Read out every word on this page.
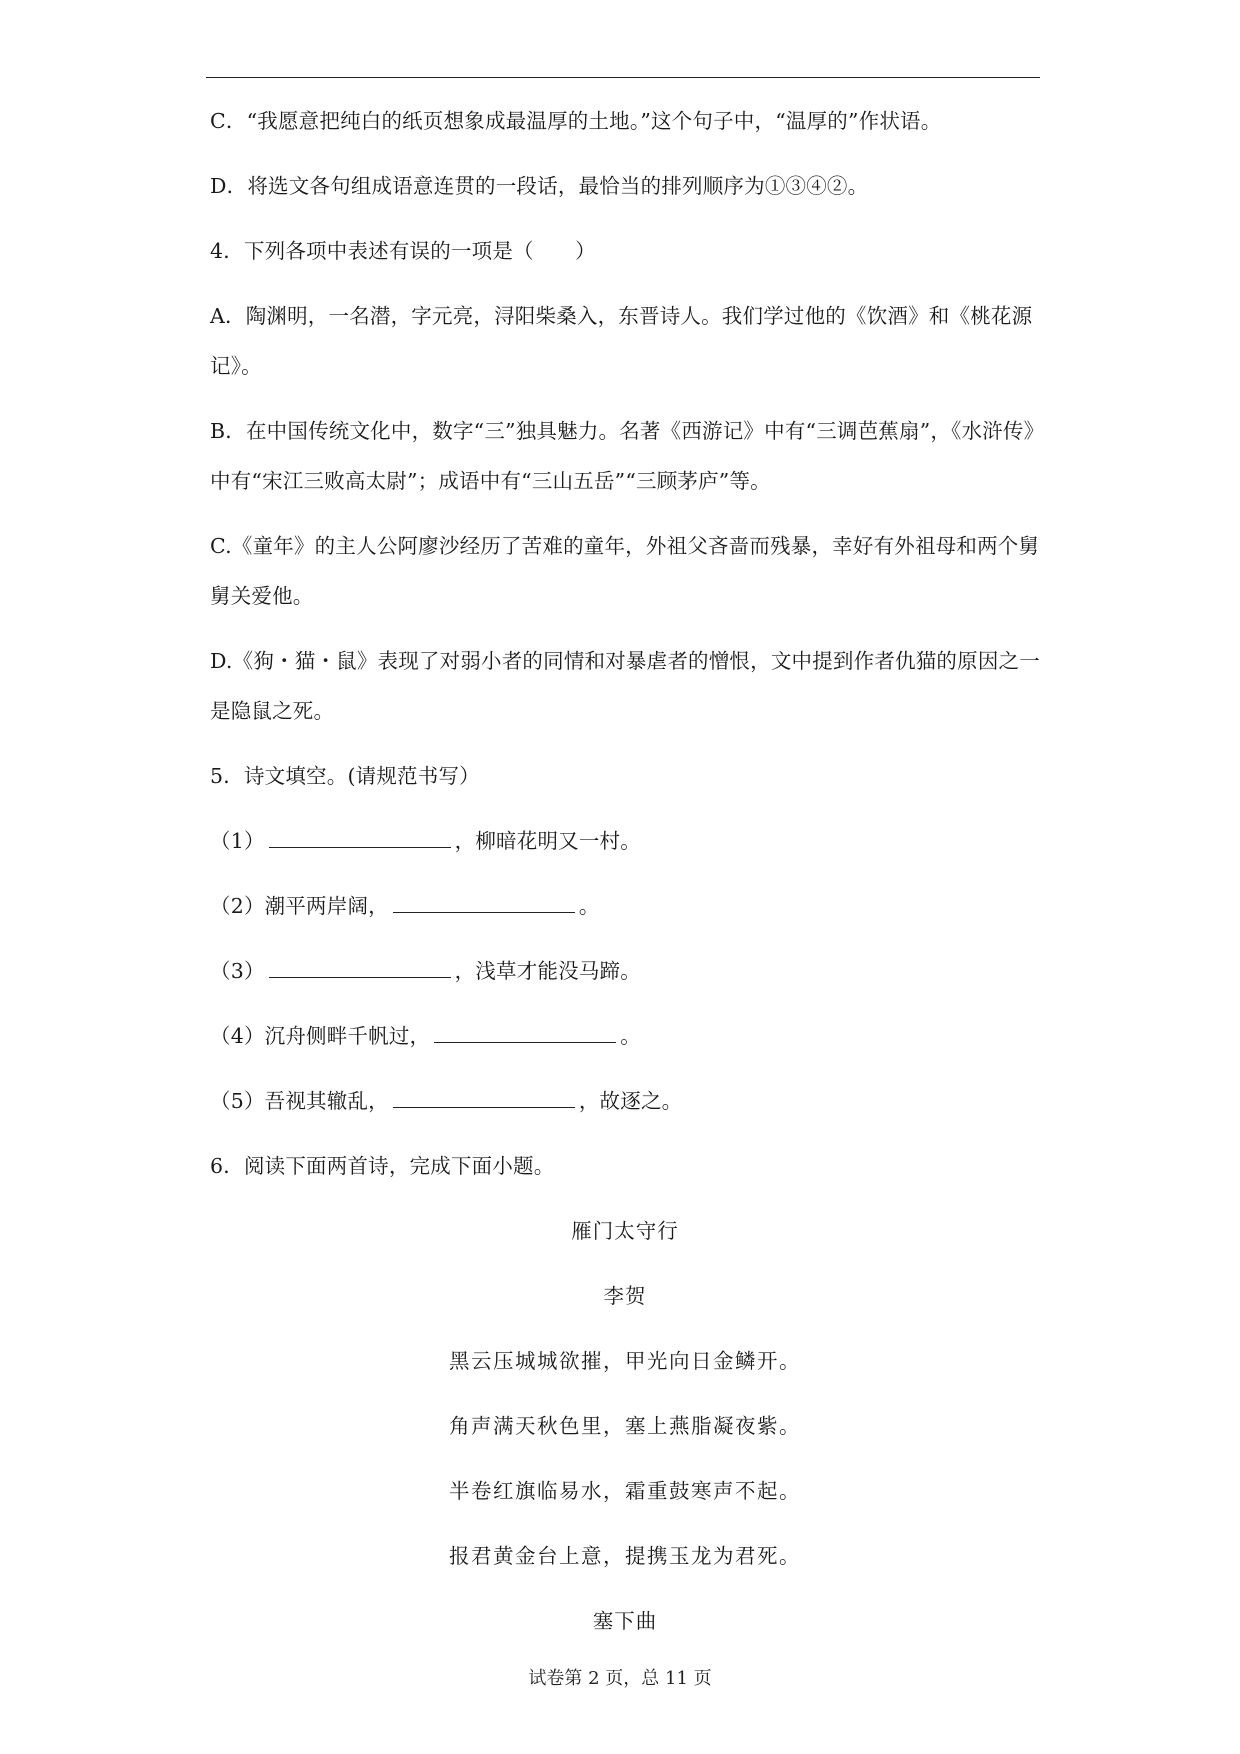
C．“我愿意把纯白的纸页想象成最温厚的土地。”这个句子中，“温厚的”作状语。

D．将选文各句组成语意连贯的一段话，最恰当的排列顺序为①③④②。

4．下列各项中表述有误的一项是（　　）

A．陶渊明，一名潜，字元亮，浔阳柴桑入，东晋诗人。我们学过他的《饮酒》和《桃花源记》。

B．在中国传统文化中，数字“三”独具魅力。名著《西游记》中有“三调芭蕉扇”，《水浒传》中有“宋江三败高太尉”；成语中有“三山五岳”“三顾茅庐”等。

C.《童年》的主人公阿廖沙经历了苦难的童年，外祖父吝啬而残暴，幸好有外祖母和两个舅舅关爱他。

D.《狗・猫・鼠》表现了对弱小者的同情和对暴虐者的憎恨，文中提到作者仇猫的原因之一是隐鼠之死。

5．诗文填空。(请规范书写）

（1）	，柳暗花明又一村。

（2）潮平两岸阔，	。

（3）	，浅草才能没马蹄。

（4）沉舟侧畔千帆过，	。

（5）吾视其辙乱，	，故逐之。

6．阅读下面两首诗，完成下面小题。

雁门太守行

李贺

黑云压城城欲摧，甲光向日金鳞开。

角声满天秋色里，塞上燕脂凝夜紫。

半卷红旗临易水，霜重鼓寒声不起。

报君黄金台上意，提携玉龙为君死。

塞下曲

试卷第 2 页，总 11 页
